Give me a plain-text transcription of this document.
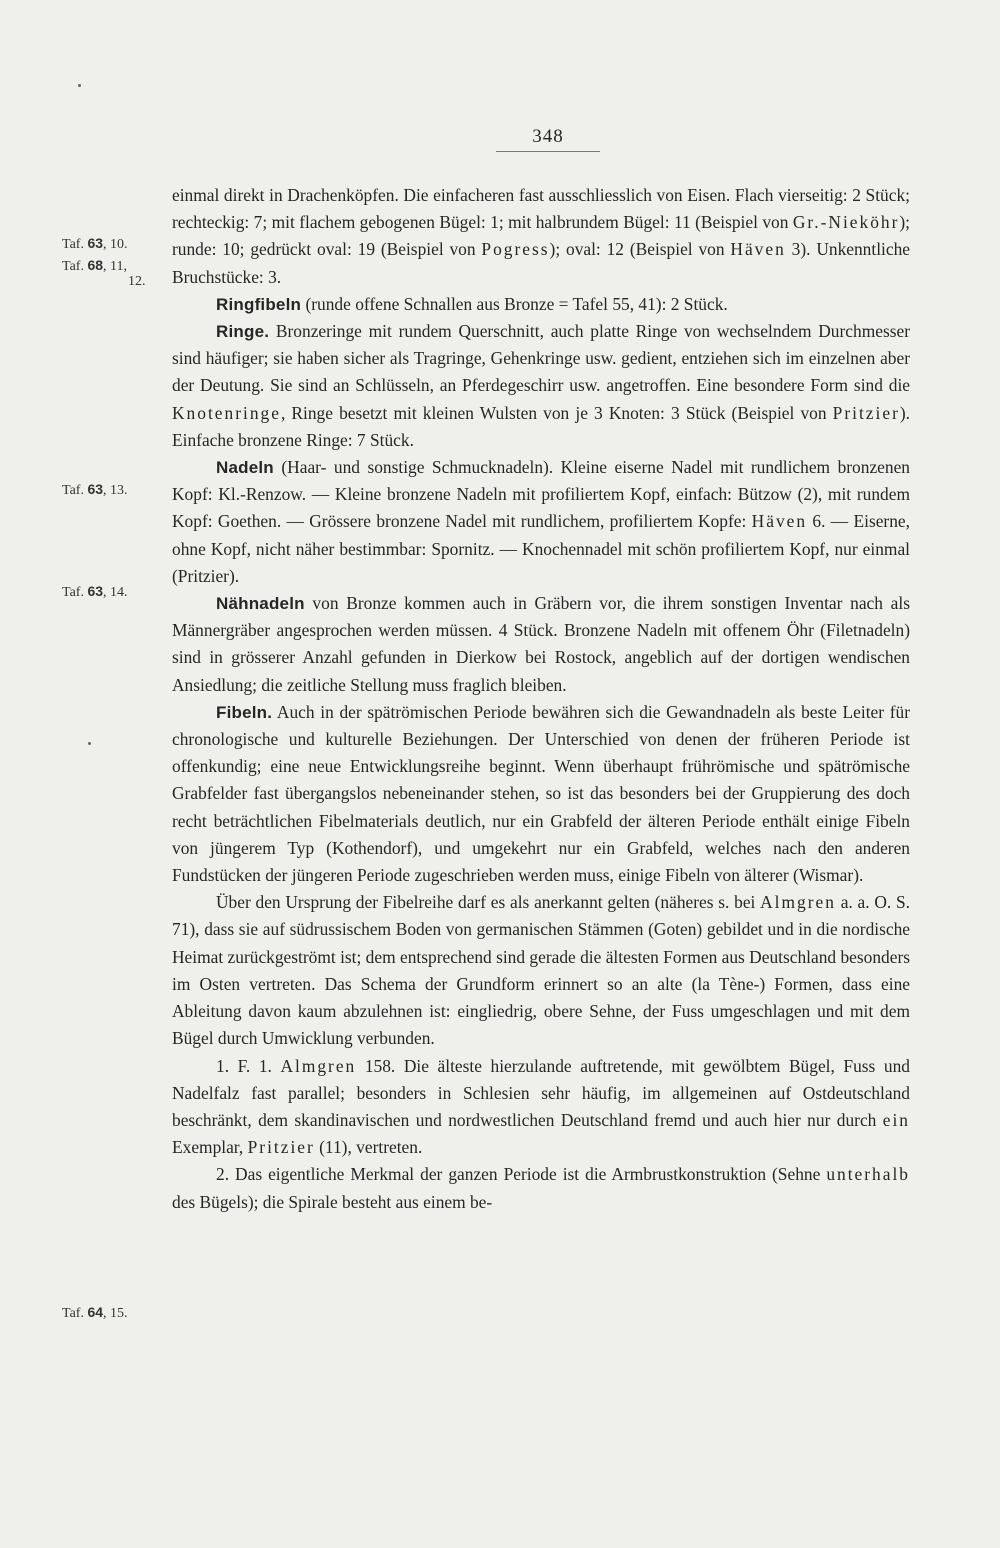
348
Taf. 63, 10.
Taf. 68, 11,
12.
Taf. 63, 13.
Taf. 63, 14.
Taf. 64, 15.

einmal direkt in Drachenköpfen. Die einfacheren fast ausschliesslich von Eisen. Flach vierseitig: 2 Stück; rechteckig: 7; mit flachem gebogenen Bügel: 1; mit halbrundem Bügel: 11 (Beispiel von Gr.-Nieköhr); runde: 10; gedrückt oval: 19 (Beispiel von Pogress); oval: 12 (Beispiel von Häven 3). Unkenntliche Bruchstücke: 3.

Ringfibeln (runde offene Schnallen aus Bronze = Tafel 55, 41): 2 Stück.

Ringe. Bronzeringe mit rundem Querschnitt, auch platte Ringe von wechselndem Durchmesser sind häufiger; sie haben sicher als Tragringe, Gehenkringe usw. gedient, entziehen sich im einzelnen aber der Deutung. Sie sind an Schlüsseln, an Pferdegeschirr usw. angetroffen. Eine besondere Form sind die Knotenringe, Ringe besetzt mit kleinen Wulsten von je 3 Knoten: 3 Stück (Beispiel von Pritzier). Einfache bronzene Ringe: 7 Stück.

Nadeln (Haar- und sonstige Schmucknadeln). Kleine eiserne Nadel mit rundlichem bronzenen Kopf: Kl.-Renzow. — Kleine bronzene Nadeln mit profiliertem Kopf, einfach: Bützow (2), mit rundem Kopf: Goethen. — Grössere bronzene Nadel mit rundlichem, profiliertem Kopfe: Häven 6. — Eiserne, ohne Kopf, nicht näher bestimmbar: Spornitz. — Knochennadel mit schön profiliertem Kopf, nur einmal (Pritzier).

Nähnadeln von Bronze kommen auch in Gräbern vor, die ihrem sonstigen Inventar nach als Männergräber angesprochen werden müssen. 4 Stück. Bronzene Nadeln mit offenem Öhr (Filetnadeln) sind in grösserer Anzahl gefunden in Dierkow bei Rostock, angeblich auf der dortigen wendischen Ansiedlung; die zeitliche Stellung muss fraglich bleiben.

Fibeln. Auch in der spätrömischen Periode bewähren sich die Gewandnadeln als beste Leiter für chronologische und kulturelle Beziehungen. Der Unterschied von denen der früheren Periode ist offenkundig; eine neue Entwicklungsreihe beginnt. Wenn überhaupt frührömische und spätrömische Grabfelder fast übergangslos nebeneinander stehen, so ist das besonders bei der Gruppierung des doch recht beträchtlichen Fibelmaterials deutlich, nur ein Grabfeld der älteren Periode enthält einige Fibeln von jüngerem Typ (Kothendorf), und umgekehrt nur ein Grabfeld, welches nach den anderen Fundstücken der jüngeren Periode zugeschrieben werden muss, einige Fibeln von älterer (Wismar).

Über den Ursprung der Fibelreihe darf es als anerkannt gelten (näheres s. bei Almgren a. a. O. S. 71), dass sie auf südrussischem Boden von germanischen Stämmen (Goten) gebildet und in die nordische Heimat zurückgeströmt ist; dem entsprechend sind gerade die ältesten Formen aus Deutschland besonders im Osten vertreten. Das Schema der Grundform erinnert so an alte (la Tène-) Formen, dass eine Ableitung davon kaum abzulehnen ist: eingliedrig, obere Sehne, der Fuss umgeschlagen und mit dem Bügel durch Umwicklung verbunden.

1. F. 1. Almgren 158. Die älteste hierzulande auftretende, mit gewölbtem Bügel, Fuss und Nadelfalz fast parallel; besonders in Schlesien sehr häufig, im allgemeinen auf Ostdeutschland beschränkt, dem skandinavischen und nordwestlichen Deutschland fremd und auch hier nur durch ein Exemplar, Pritzier (11), vertreten.

2. Das eigentliche Merkmal der ganzen Periode ist die Armbrustkonstruktion (Sehne unterhalb des Bügels); die Spirale besteht aus einem be-
